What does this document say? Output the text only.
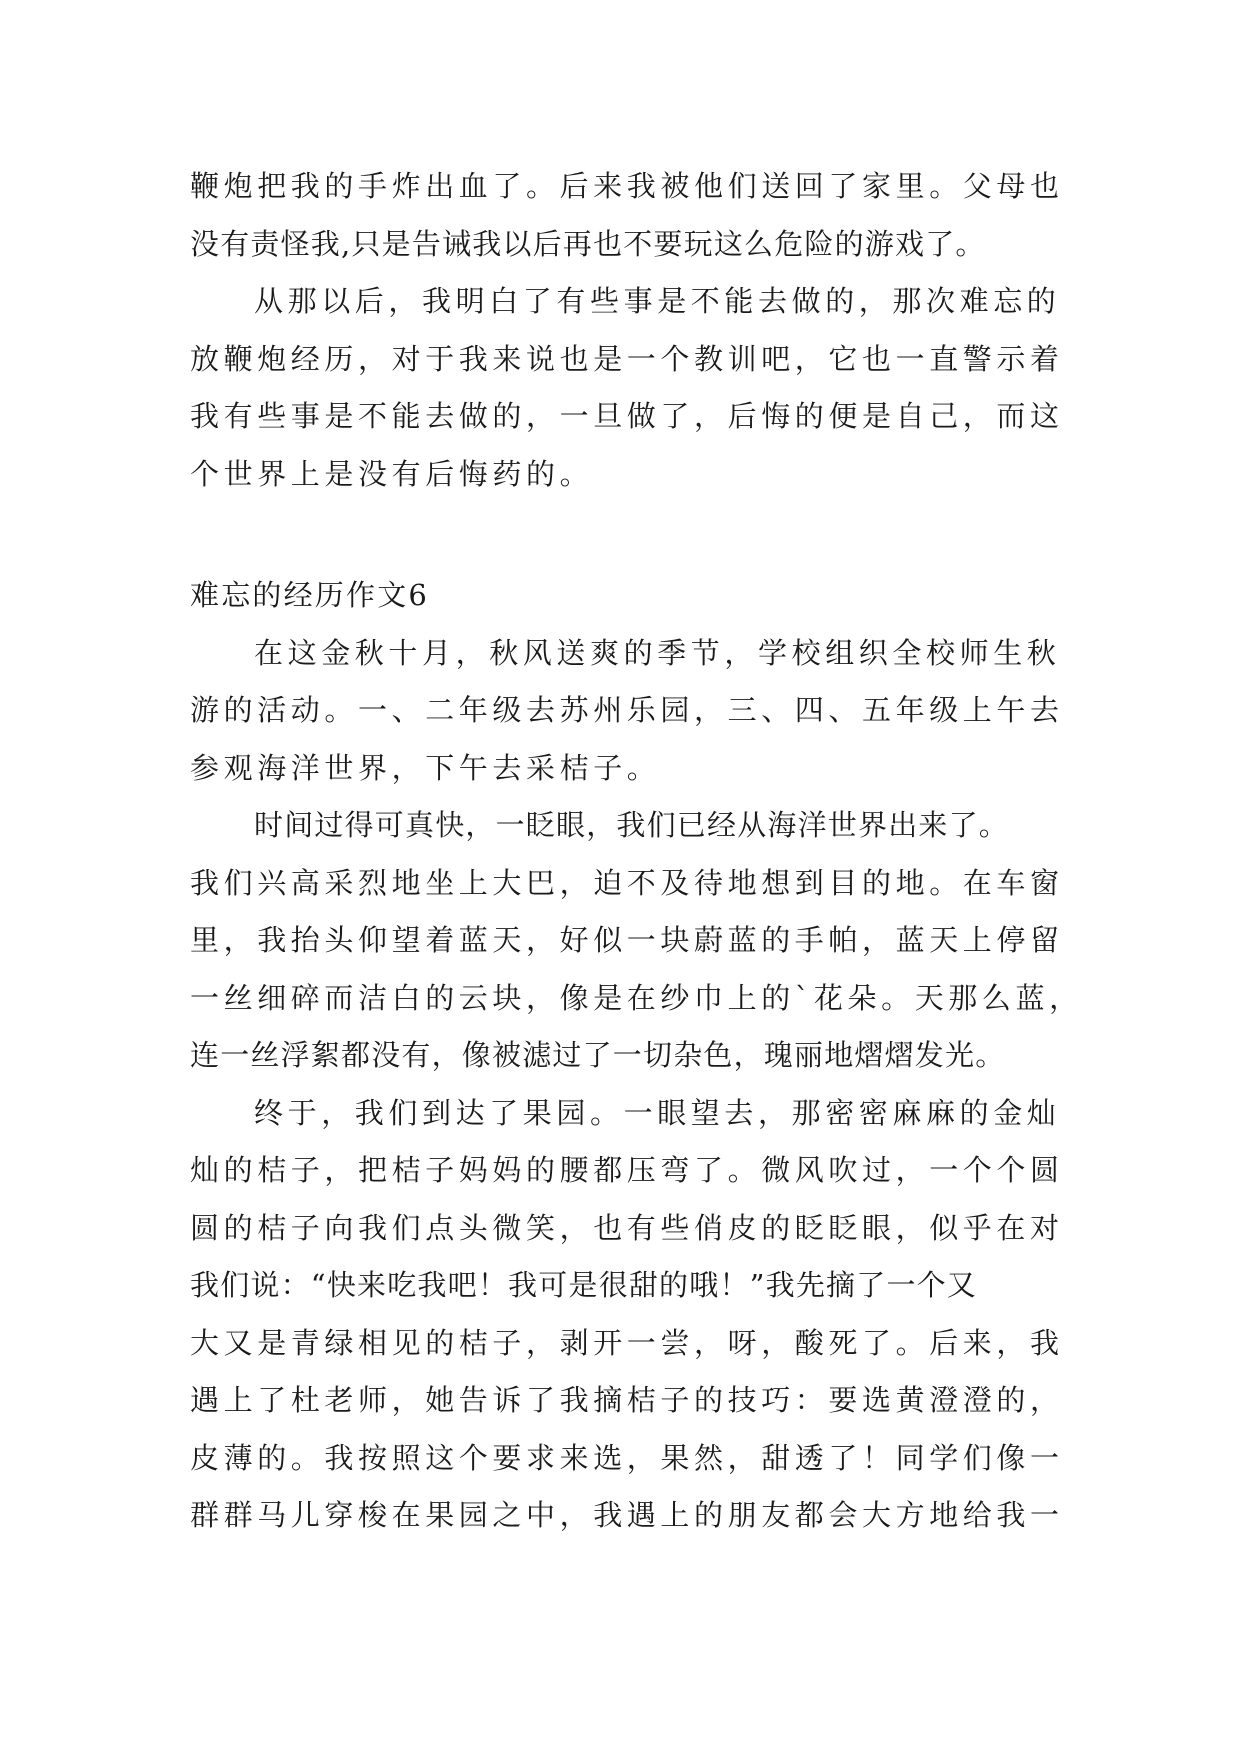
鞭炮把我的手炸出血了。后来我被他们送回了家里。父母也
没有责怪我,只是告诫我以后再也不要玩这么危险的游戏了。
从那以后，我明白了有些事是不能去做的，那次难忘的
放鞭炮经历，对于我来说也是一个教训吧，它也一直警示着
我有些事是不能去做的，一旦做了，后悔的便是自己，而这
个世界上是没有后悔药的。
难忘的经历作文6
在这金秋十月，秋风送爽的季节，学校组织全校师生秋
游的活动。一、二年级去苏州乐园，三、四、五年级上午去
参观海洋世界，下午去采桔子。
时间过得可真快，一眨眼，我们已经从海洋世界出来了。
我们兴高采烈地坐上大巴，迫不及待地想到目的地。在车窗
里，我抬头仰望着蓝天，好似一块蔚蓝的手帕，蓝天上停留
一丝细碎而洁白的云块，像是在纱巾上的`花朵。天那么蓝，
连一丝浮絮都没有，像被滤过了一切杂色，瑰丽地熠熠发光。
终于，我们到达了果园。一眼望去，那密密麻麻的金灿
灿的桔子，把桔子妈妈的腰都压弯了。微风吹过，一个个圆
圆的桔子向我们点头微笑，也有些俏皮的眨眨眼，似乎在对
我们说：“快来吃我吧！我可是很甜的哦！”我先摘了一个又
大又是青绿相见的桔子，剥开一尝，呀，酸死了。后来，我
遇上了杜老师，她告诉了我摘桔子的技巧：要选黄澄澄的，
皮薄的。我按照这个要求来选，果然，甜透了！同学们像一
群群马儿穿梭在果园之中，我遇上的朋友都会大方地给我一
